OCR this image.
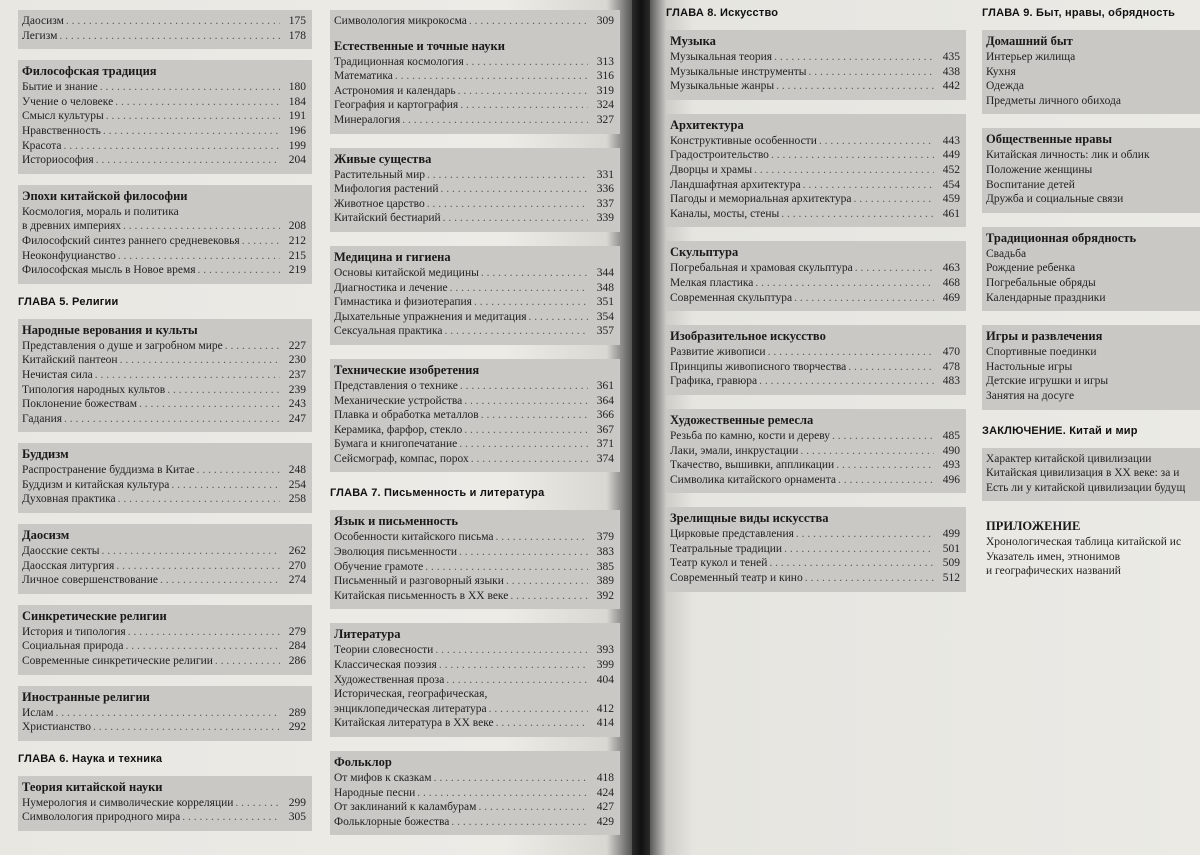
Даосизм . . .	175
Легизм . . .	178
Философская традиция
Бытие и знание . . .	180
Учение о человеке . . .	184
Смысл культуры . . .	191
Нравственность . . .	196
Красота . . .	199
Историософия . . .	204
Эпохи китайской философии
Космология, мораль и политика
в древних империях . . .	208
Философский синтез раннего средневековья . . .	212
Неоконфуцианство . . .	215
Философская мысль в Новое время . . .	219
ГЛАВА 5. Религии
Народные верования и культы
Представления о душе и загробном мире . . .	227
Китайский пантеон . . .	230
Нечистая сила . . .	237
Типология народных культов . . .	239
Поклонение божествам . . .	243
Гадания . . .	247
Буддизм
Распространение буддизма в Китае . . .	248
Буддизм и китайская культура . . .	254
Духовная практика . . .	258
Даосизм
Даосские секты . . .	262
Даосская литургия . . .	270
Личное совершенствование . . .	274
Синкретические религии
История и типология . . .	279
Социальная природа . . .	284
Современные синкретические религии . . .	286
Иностранные религии
Ислам . . .	289
Христианство . . .	292
ГЛАВА 6. Наука и техника
Теория китайской науки
Нумерология и символические корреляции . . .	299
Символология природного мира . . .	305
Символология микрокосма . . .	309
Естественные и точные науки
Традиционная космология . . .	313
Математика . . .	316
Астрономия и календарь . . .	319
География и картография . . .	324
Минералогия . . .	327
Живые существа
Растительный мир . . .	331
Мифология растений . . .	336
Животное царство . . .	337
Китайский бестиарий . . .	339
Медицина и гигиена
Основы китайской медицины . . .	344
Диагностика и лечение . . .	348
Гимнастика и физиотерапия . . .	351
Дыхательные упражнения и медитация . . .	354
Сексуальная практика . . .	357
Технические изобретения
Представления о технике . . .	361
Механические устройства . . .	364
Плавка и обработка металлов . . .	366
Керамика, фарфор, стекло . . .	367
Бумага и книгопечатание . . .	371
Сейсмограф, компас, порох . . .	374
ГЛАВА 7. Письменность и литература
Язык и письменность
Особенности китайского письма . . .	379
Эволюция письменности . . .	383
Обучение грамоте . . .	385
Письменный и разговорный языки . . .	389
Китайская письменность в XX веке . . .	392
Литература
Теории словесности . . .	393
Классическая поэзия . . .	399
Художественная проза . . .	404
Историческая, географическая,
энциклопедическая литература . . .	412
Китайская литература в XX веке . . .	414
Фольклор
От мифов к сказкам . . .	418
Народные песни . . .	424
От заклинаний к каламбурам . . .	427
Фольклорные божества . . .	429
ГЛАВА 8. Искусство
Музыка
Музыкальная теория . . .	435
Музыкальные инструменты . . .	438
Музыкальные жанры . . .	442
Архитектура
Конструктивные особенности . . .	443
Градостроительство . . .	449
Дворцы и храмы . . .	452
Ландшафтная архитектура . . .	454
Пагоды и мемориальная архитектура . . .	459
Каналы, мосты, стены . . .	461
Скульптура
Погребальная и храмовая скульптура . . .	463
Мелкая пластика . . .	468
Современная скульптура . . .	469
Изобразительное искусство
Развитие живописи . . .	470
Принципы живописного творчества . . .	478
Графика, гравюра . . .	483
Художественные ремесла
Резьба по камню, кости и дереву . . .	485
Лаки, эмали, инкрустации . . .	490
Ткачество, вышивки, аппликации . . .	493
Символика китайского орнамента . . .	496
Зрелищные виды искусства
Цирковые представления . . .	499
Театральные традиции . . .	501
Театр кукол и теней . . .	509
Современный театр и кино . . .	512
ГЛАВА 9. Быт, нравы, обрядность
Домашний быт
Интерьер жилища
Кухня
Одежда
Предметы личного обихода
Общественные нравы
Китайская личность: лик и облик
Положение женщины
Воспитание детей
Дружба и социальные связи
Традиционная обрядность
Свадьба
Рождение ребенка
Погребальные обряды
Календарные праздники
Игры и развлечения
Спортивные поединки
Настольные игры
Детские игрушки и игры
Занятия на досуге
ЗАКЛЮЧЕНИЕ. Китай и мир
Характер китайской цивилизации
Китайская цивилизация в XX веке: за и
Есть ли у китайской цивилизации будущ
ПРИЛОЖЕНИЕ
Хронологическая таблица китайской ис
Указатель имен, этнонимов
и географических названий
